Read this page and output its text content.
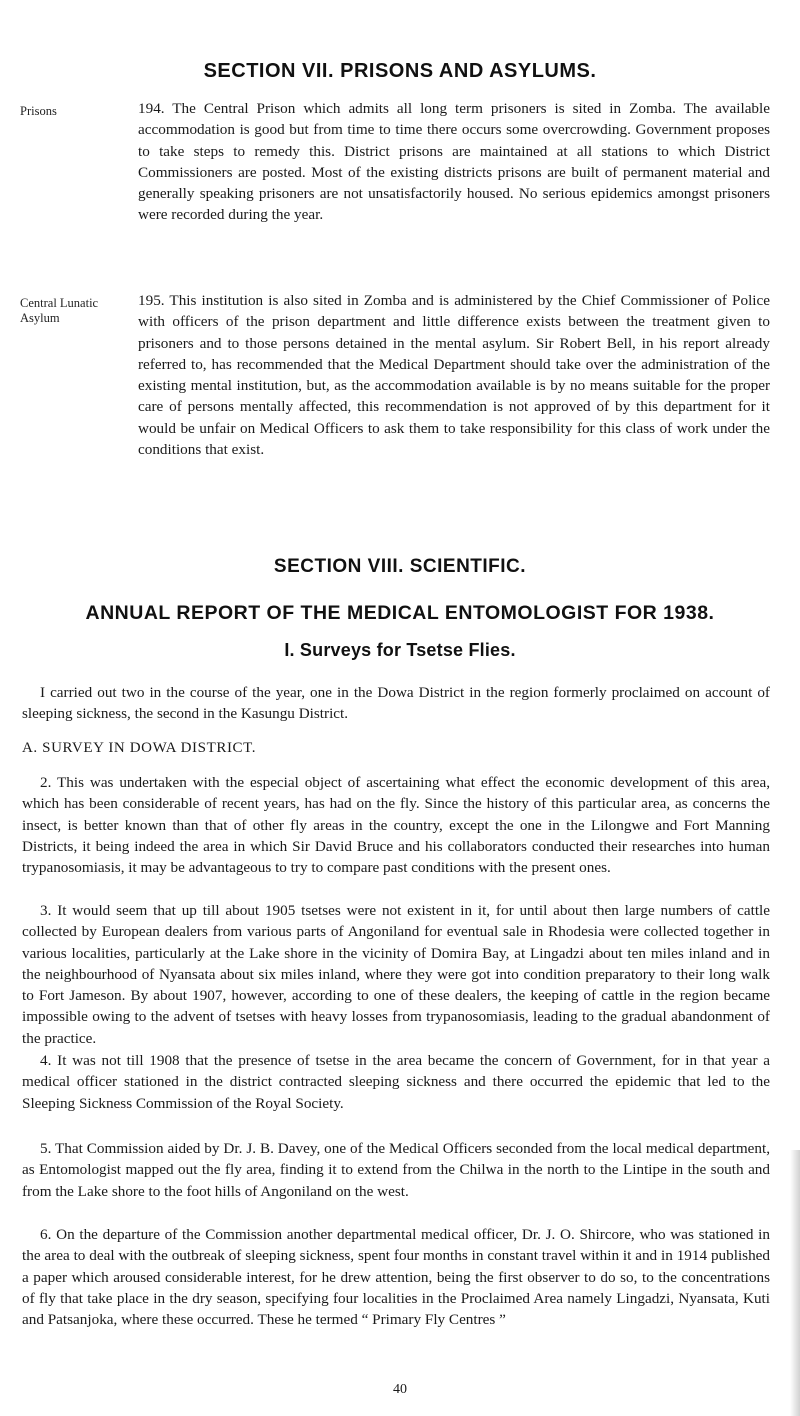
SECTION VII. PRISONS AND ASYLUMS.
Prisons	194. The Central Prison which admits all long term prisoners is sited in Zomba. The available accommodation is good but from time to time there occurs some overcrowding. Government proposes to take steps to remedy this. District prisons are maintained at all stations to which District Commissioners are posted. Most of the existing districts prisons are built of permanent material and generally speaking prisoners are not unsatisfactorily housed. No serious epidemics amongst prisoners were recorded during the year.

Central Lunatic Asylum

195. This institution is also sited in Zomba and is administered by the Chief Commissioner of Police with officers of the prison department and little difference exists between the treatment given to prisoners and to those persons detained in the mental asylum. Sir Robert Bell, in his report already referred to, has recommended that the Medical Department should take over the administration of the existing mental institution, but, as the accommodation available is by no means suitable for the proper care of persons mentally affected, this recommendation is not approved of by this department for it would be unfair on Medical Officers to ask them to take responsibility for this class of work under the conditions that exist.

SECTION VIII. SCIENTIFIC.
ANNUAL REPORT OF THE MEDICAL ENTOMOLOGIST FOR 1938.
I. Surveys for Tsetse Flies.

I carried out two in the course of the year, one in the Dowa District in the region formerly proclaimed on account of sleeping sickness, the second in the Kasungu District.

A. SURVEY IN DOWA DISTRICT.

2. This was undertaken with the especial object of ascertaining what effect the economic development of this area, which has been considerable of recent years, has had on the fly. Since the history of this particular area, as concerns the insect, is better known than that of other fly areas in the country, except the one in the Lilongwe and Fort Manning Districts, it being indeed the area in which Sir David Bruce and his collaborators conducted their researches into human trypanosomiasis, it may be advantageous to try to compare past conditions with the present ones.

3. It would seem that up till about 1905 tsetses were not existent in it, for until about then large numbers of cattle collected by European dealers from various parts of Angoniland for eventual sale in Rhodesia were collected together in various localities, particularly at the Lake shore in the vicinity of Domira Bay, at Lingadzi about ten miles inland and in the neighbourhood of Nyansata about six miles inland, where they were got into condition preparatory to their long walk to Fort Jameson. By about 1907, however, according to one of these dealers, the keeping of cattle in the region became impossible owing to the advent of tsetses with heavy losses from trypanosomiasis, leading to the gradual abandonment of the practice.

4. It was not till 1908 that the presence of tsetse in the area became the concern of Government, for in that year a medical officer stationed in the district contracted sleeping sickness and there occurred the epidemic that led to the Sleeping Sickness Commission of the Royal Society.

5. That Commission aided by Dr. J. B. Davey, one of the Medical Officers seconded from the local medical department, as Entomologist mapped out the fly area, finding it to extend from the Chilwa in the north to the Lintipe in the south and from the Lake shore to the foot hills of Angoniland on the west.

6. On the departure of the Commission another departmental medical officer, Dr. J. O. Shircore, who was stationed in the area to deal with the outbreak of sleeping sickness, spent four months in constant travel within it and in 1914 published a paper which aroused considerable interest, for he drew attention, being the first observer to do so, to the concentrations of fly that take place in the dry season, specifying four localities in the Proclaimed Area namely Lingadzi, Nyansata, Kuti and Patsanjoka, where these occurred. These he termed “ Primary Fly Centres ”

40
